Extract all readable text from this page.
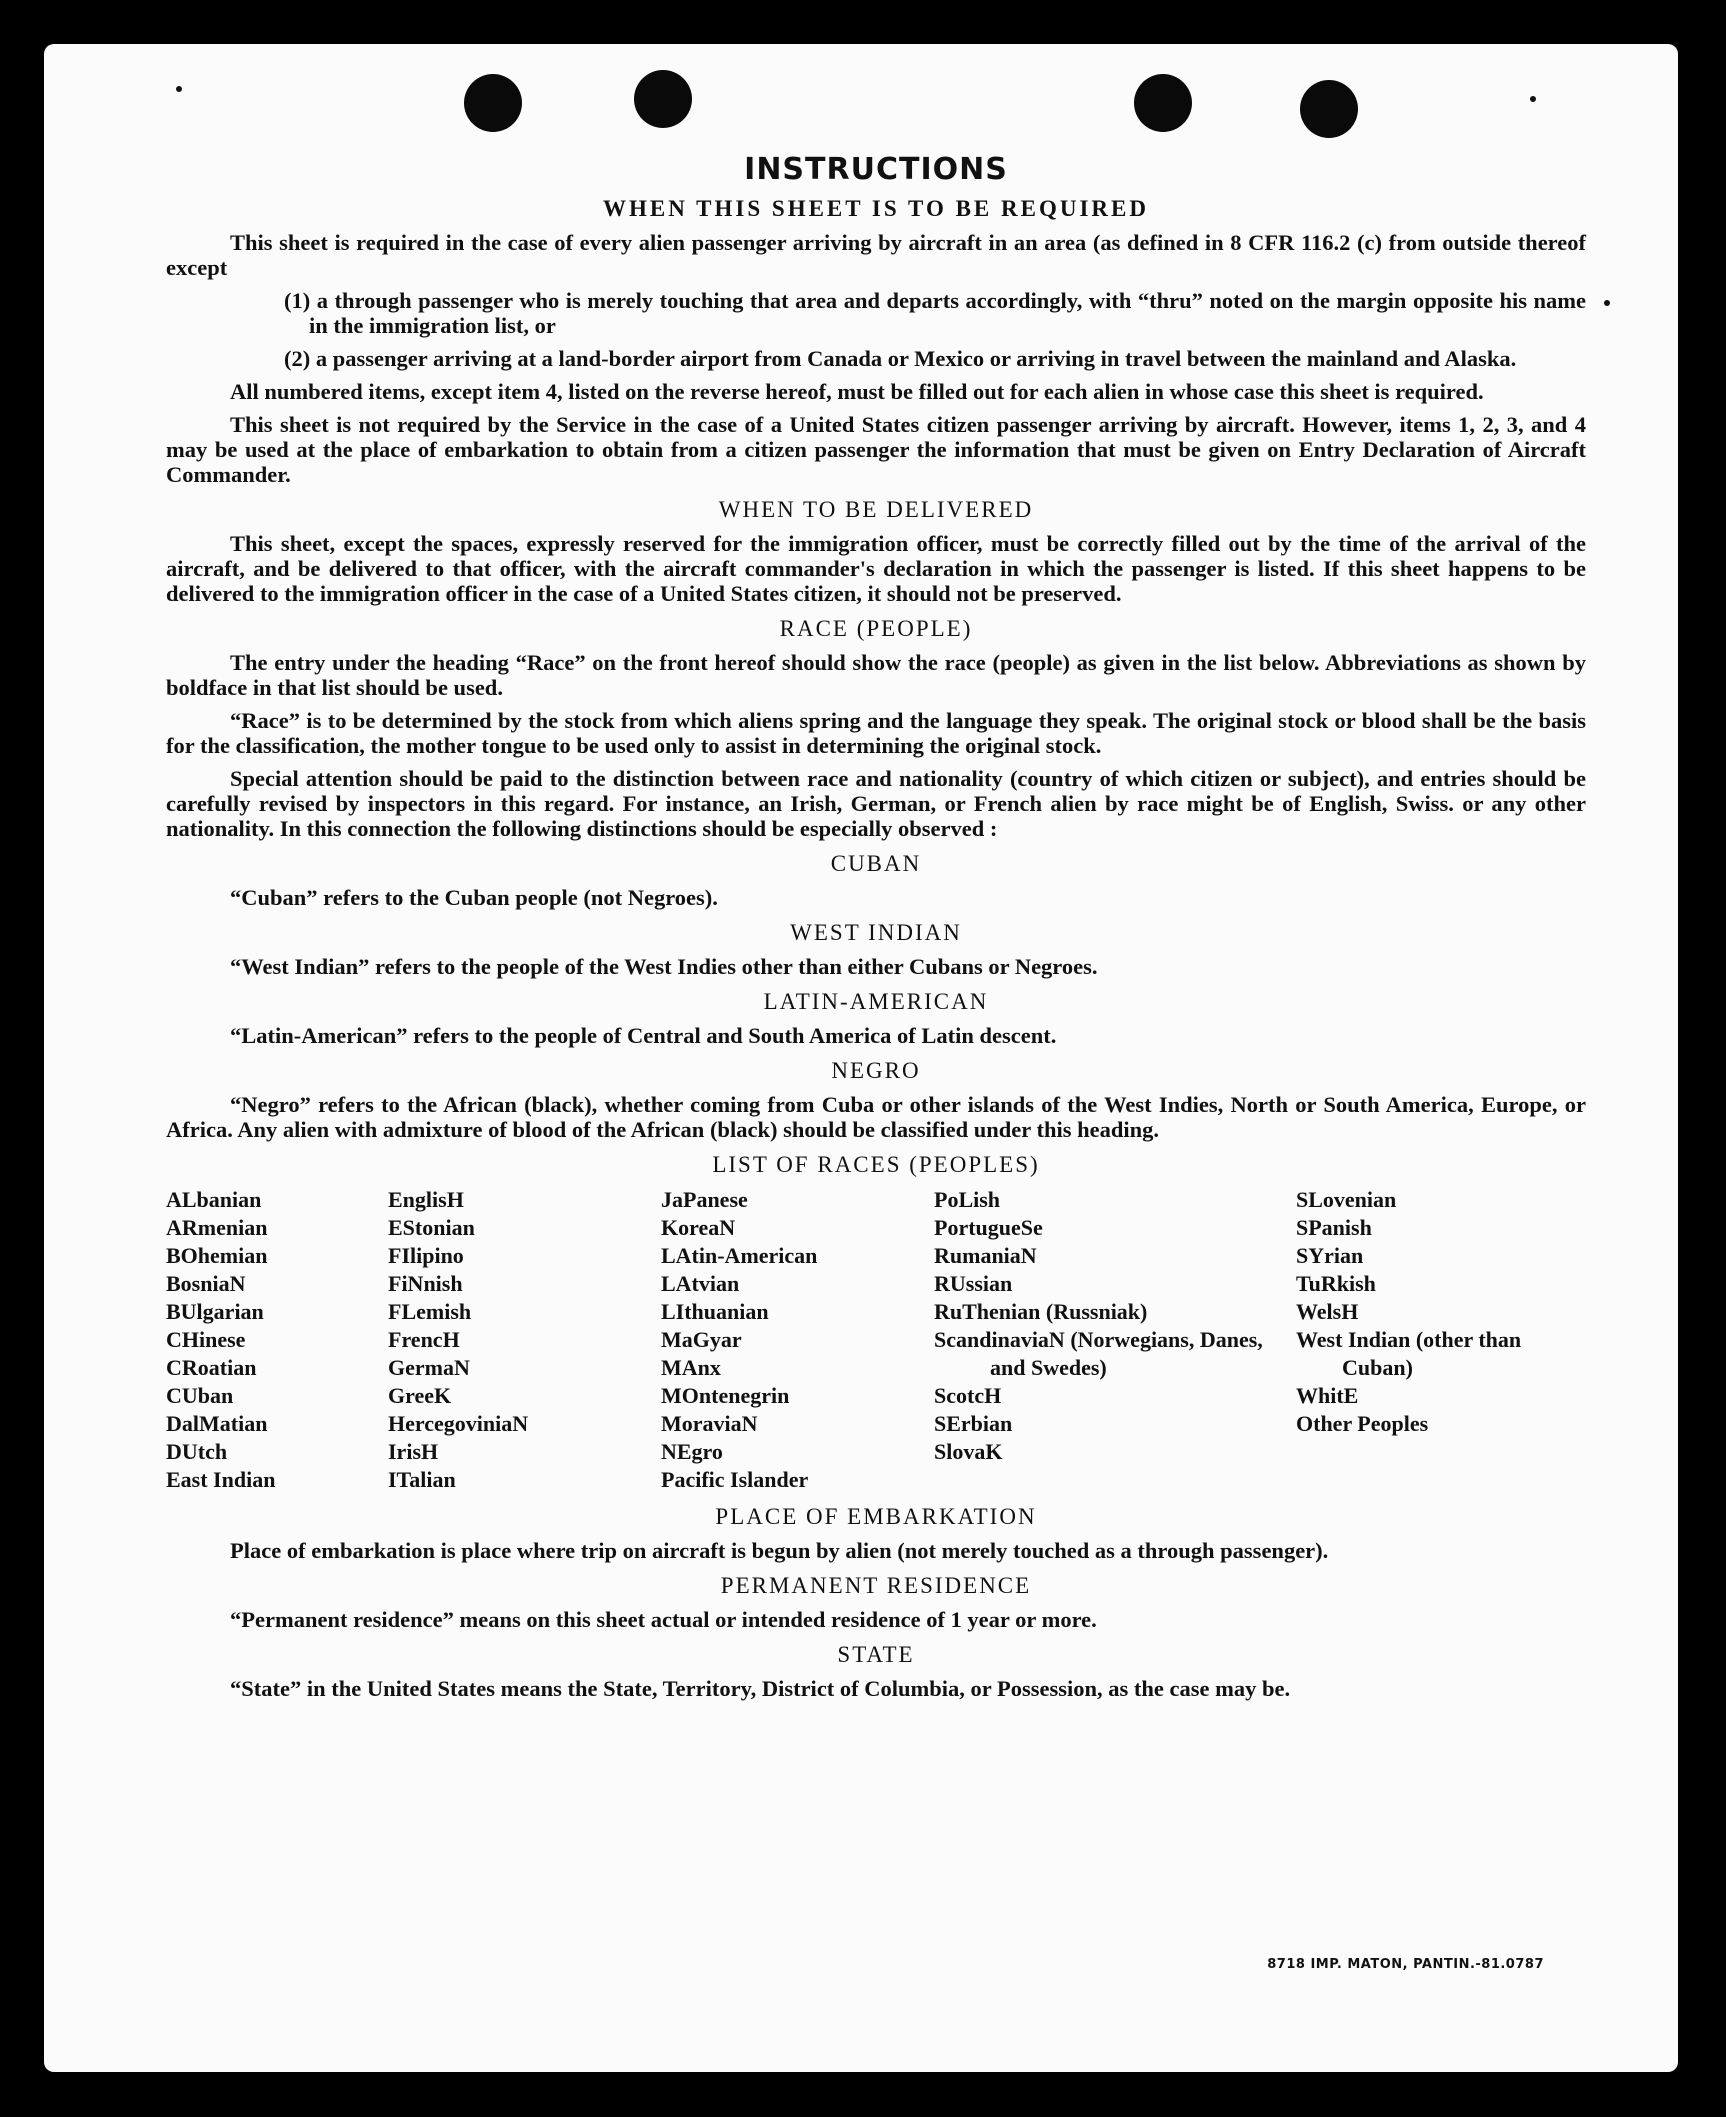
INSTRUCTIONS
WHEN THIS SHEET IS TO BE REQUIRED

This sheet is required in the case of every alien passenger arriving by aircraft in an area (as defined in 8 CFR 116.2 (c) from outside thereof except

(1) a through passenger who is merely touching that area and departs accordingly, with “thru” noted on the margin opposite his name in the immigration list, or

(2) a passenger arriving at a land-border airport from Canada or Mexico or arriving in travel between the mainland and Alaska.

All numbered items, except item 4, listed on the reverse hereof, must be filled out for each alien in whose case this sheet is required.

This sheet is not required by the Service in the case of a United States citizen passenger arriving by aircraft. However, items 1, 2, 3, and 4 may be used at the place of embarkation to obtain from a citizen passenger the information that must be given on Entry Declaration of Aircraft Commander.

WHEN TO BE DELIVERED

This sheet, except the spaces, expressly reserved for the immigration officer, must be correctly filled out by the time of the arrival of the aircraft, and be delivered to that officer, with the aircraft commander's declaration in which the passenger is listed. If this sheet happens to be delivered to the immigration officer in the case of a United States citizen, it should not be preserved.

RACE (PEOPLE)

The entry under the heading “Race” on the front hereof should show the race (people) as given in the list below. Abbreviations as shown by boldface in that list should be used.

“Race” is to be determined by the stock from which aliens spring and the language they speak. The original stock or blood shall be the basis for the classification, the mother tongue to be used only to assist in determining the original stock.

Special attention should be paid to the distinction between race and nationality (country of which citizen or subject), and entries should be carefully revised by inspectors in this regard. For instance, an Irish, German, or French alien by race might be of English, Swiss. or any other nationality. In this connection the following distinctions should be especially observed :

CUBAN

“Cuban” refers to the Cuban people (not Negroes).

WEST INDIAN

“West Indian” refers to the people of the West Indies other than either Cubans or Negroes.

LATIN-AMERICAN

“Latin-American” refers to the people of Central and South America of Latin descent.

NEGRO

“Negro” refers to the African (black), whether coming from Cuba or other islands of the West Indies, North or South America, Europe, or Africa. Any alien with admixture of blood of the African (black) should be classified under this heading.

LIST OF RACES (PEOPLES)
ALbanian
ARmenian
BOhemian
BosniaN
BUlgarian
CHinese
CRoatian
CUban
DalMatian
DUtch
East Indian
EnglisH
EStonian
FIlipino
FiNnish
FLemish
FrencH
GermaN
GreeK
HercegoviniaN
IrisH
ITalian
JaPanese
KoreaN
LAtin-American
LAtvian
LIthuanian
MaGyar
MAnx
MOntenegrin
MoraviaN
NEgro
Pacific Islander
PoLish
PortugueSe
RumaniaN
RUssian
RuThenian (Russniak)
ScandinaviaN (Norwegians, Danes, and Swedes)
ScotcH
SErbian
SlovaK
SLovenian
SPanish
SYrian
TuRkish
WelsH
West Indian (other than Cuban)
WhitE
Other Peoples
PLACE OF EMBARKATION

Place of embarkation is place where trip on aircraft is begun by alien (not merely touched as a through passenger).

PERMANENT RESIDENCE

“Permanent residence” means on this sheet actual or intended residence of 1 year or more.

STATE

“State” in the United States means the State, Territory, District of Columbia, or Possession, as the case may be.

8718 IMP. MATON, PANTIN.-81.0787
